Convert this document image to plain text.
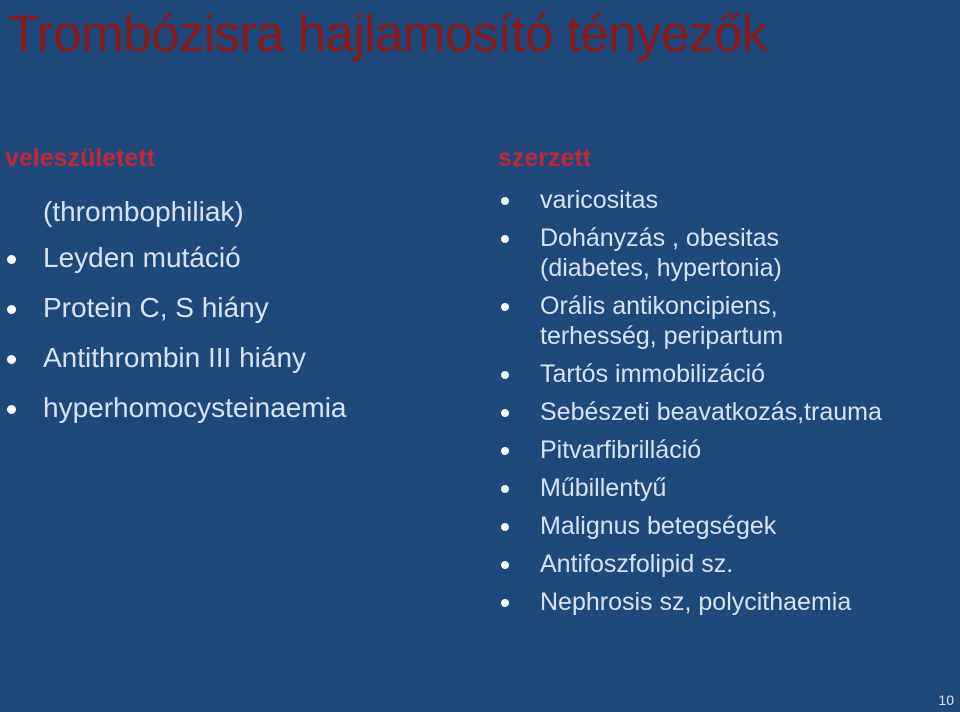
Trombózisra hajlamosító tényezők
veleszületett
(thrombophiliak)
Leyden mutáció
Protein C, S hiány
Antithrombin III hiány
hyperhomocysteinaemia
szerzett
varicositas
Dohányzás , obesitas
(diabetes, hypertonia)
Orális antikoncipiens,
terhesség, peripartum
Tartós immobilizáció
Sebészeti beavatkozás,trauma
Pitvarfibrilláció
Műbillentyű
Malignus betegségek
Antifoszfolipid sz.
Nephrosis sz, polycithaemia
10
